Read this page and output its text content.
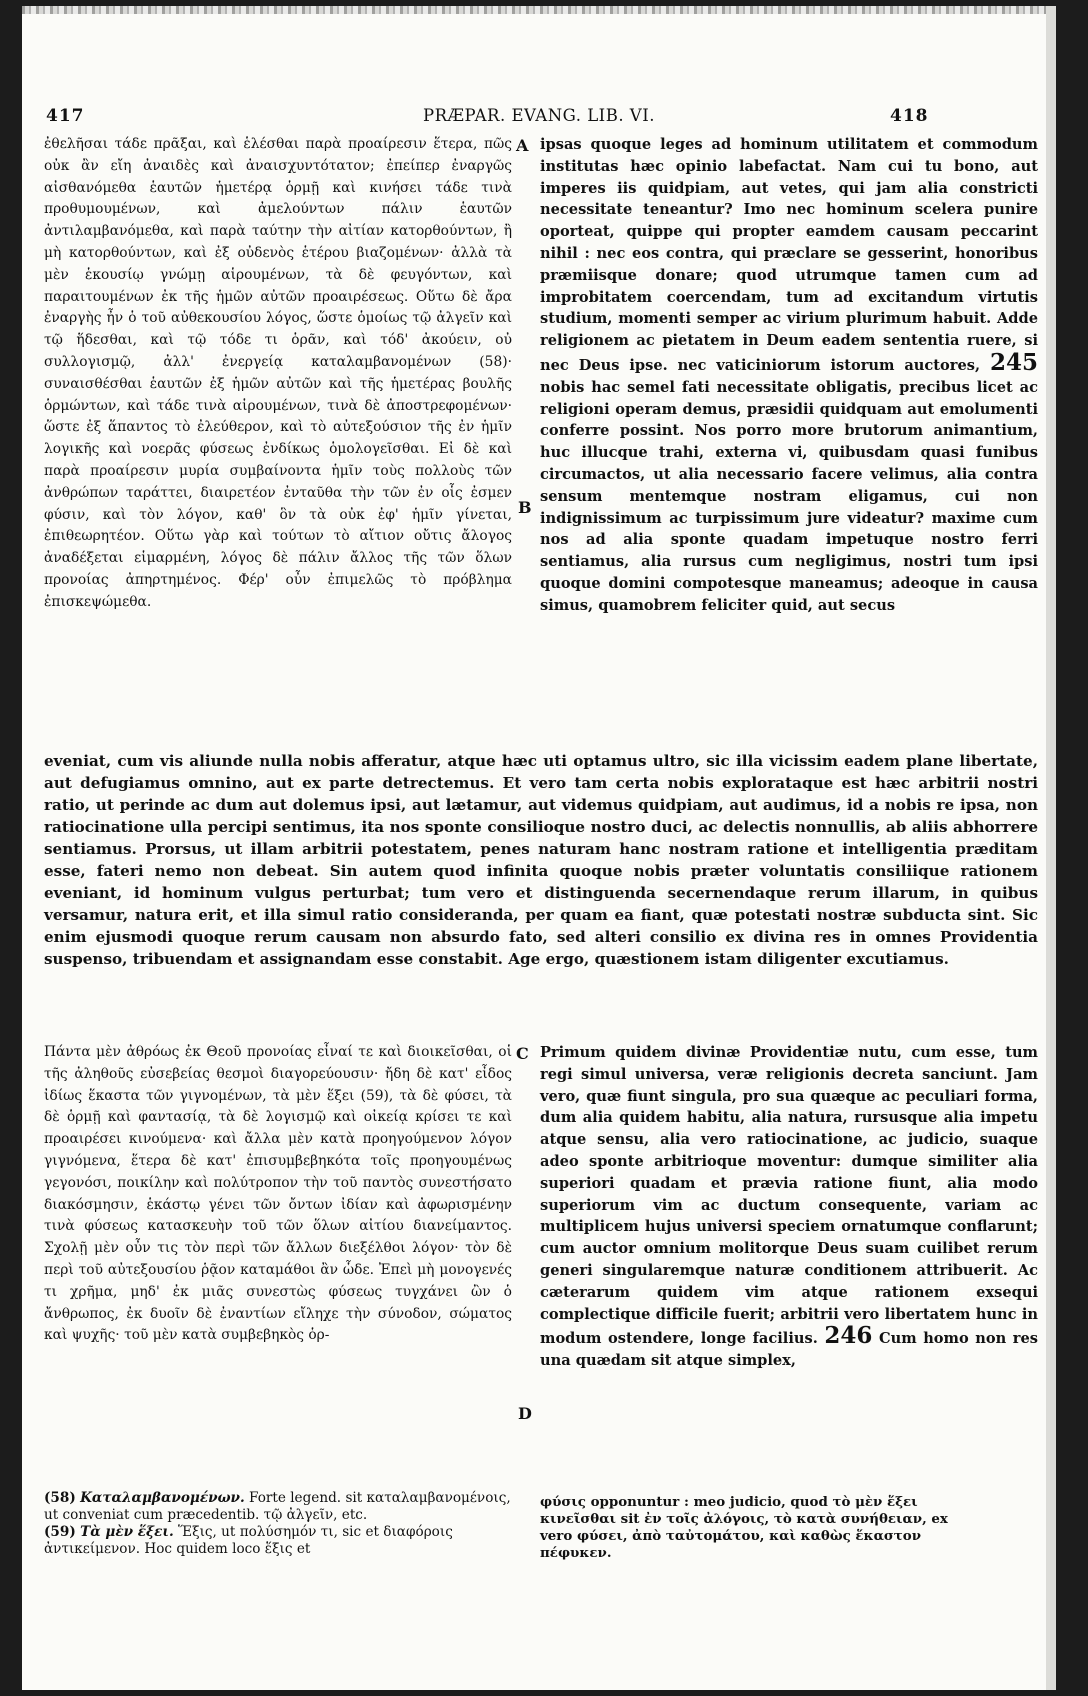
417	PRÆPAR. EVANG. LIB. VI.	418

ἐθελῆσαι τάδε πρᾶξαι, καὶ ἑλέσθαι παρὰ προαίρεσιν ἕτερα, πῶς οὐκ ἂν εἴη ἀναιδὲς καὶ ἀναισχυντότατον; ἐπείπερ ἐναργῶς αἰσθανόμεθα ἑαυτῶν ἡμετέρᾳ ὁρμῇ καὶ κινήσει τάδε τινὰ προθυμουμένων, καὶ ἀμελούντων πάλιν ἑαυτῶν ἀντιλαμβανόμεθα, καὶ παρὰ ταύτην τὴν αἰτίαν κατορθούντων, ἢ μὴ κατορθούντων, καὶ ἐξ οὐδενὸς ἑτέρου βιαζομένων· ἀλλὰ τὰ μὲν ἑκουσίῳ γνώμῃ αἱρουμένων, τὰ δὲ φευγόντων, καὶ παραιτουμένων ἐκ τῆς ἡμῶν αὐτῶν προαιρέσεως. Οὕτω δὲ ἄρα ἐναργὴς ἦν ὁ τοῦ αὐθεκουσίου λόγος, ὥστε ὁμοίως τῷ ἀλγεῖν καὶ τῷ ἥδεσθαι, καὶ τῷ τόδε τι ὁρᾶν, καὶ τόδ' ἀκούειν, οὐ συλλογισμῷ, ἀλλ' ἐνεργείᾳ καταλαμβανομένων (58)· συναισθέσθαι ἑαυτῶν ἐξ ἡμῶν αὐτῶν καὶ τῆς ἡμετέρας βουλῆς ὁρμώντων, καὶ τάδε τινὰ αἱρουμένων, τινὰ δὲ ἀποστρεφομένων· ὥστε ἐξ ἅπαντος τὸ ἐλεύθερον, καὶ τὸ αὐτεξούσιον τῆς ἐν ἡμῖν λογικῆς καὶ νοερᾶς φύσεως ἐνδίκως ὁμολογεῖσθαι. Εἰ δὲ καὶ παρὰ προαίρεσιν μυρία συμβαίνοντα ἡμῖν τοὺς πολλοὺς τῶν ἀνθρώπων ταράττει, διαιρετέον ἐνταῦθα τὴν τῶν ἐν οἷς ἐσμεν φύσιν, καὶ τὸν λόγον, καθ' ὃν τὰ οὐκ ἐφ' ἡμῖν γίνεται, ἐπιθεωρητέον. Οὕτω γὰρ καὶ τούτων τὸ αἴτιον οὔτις ἄλογος ἀναδέξεται εἱμαρμένη, λόγος δὲ πάλιν ἄλλος τῆς τῶν ὅλων προνοίας ἀπηρτημένος. Φέρ' οὖν ἐπιμελῶς τὸ πρόβλημα ἐπισκεψώμεθα.

A
B

ipsas quoque leges ad hominum utilitatem et commodum institutas hæc opinio labefactat. Nam cui tu bono, aut imperes iis quidpiam, aut vetes, qui jam alia constricti necessitate teneantur? Imo nec hominum scelera punire oporteat, quippe qui propter eamdem causam peccarint nihil : nec eos contra, qui præclare se gesserint, honoribus præmiisque donare; quod utrumque tamen cum ad improbitatem coercendam, tum ad excitandum virtutis studium, momenti semper ac virium plurimum habuit. Adde religionem ac pietatem in Deum eadem sententia ruere, si nec Deus ipse. nec vaticiniorum istorum auctores, 245 nobis hac semel fati necessitate obligatis, precibus licet ac religioni operam demus, præsidii quidquam aut emolumenti conferre possint. Nos porro more brutorum animantium, huc illucque trahi, externa vi, quibusdam quasi funibus circumactos, ut alia necessario facere velimus, alia contra sensum mentemque nostram eligamus, cui non indignissimum ac turpissimum jure videatur? maxime cum nos ad alia sponte quadam impetuque nostro ferri sentiamus, alia rursus cum negligimus, nostri tum ipsi quoque domini compotesque maneamus; adeoque in causa simus, quamobrem feliciter quid, aut secus

eveniat, cum vis aliunde nulla nobis afferatur, atque hæc uti optamus ultro, sic illa vicissim eadem plane libertate, aut defugiamus omnino, aut ex parte detrectemus. Et vero tam certa nobis exploratаque est hæc arbitrii nostri ratio, ut perinde ac dum aut dolemus ipsi, aut lætamur, aut videmus quidpiam, aut audimus, id a nobis re ipsa, non ratiocinatione ulla percipi sentimus, ita nos sponte consilioque nostro duci, ac delectis nonnullis, ab aliis abhorrere sentiamus. Prorsus, ut illam arbitrii potestatem, penes naturam hanc nostram ratione et intelligentia præditam esse, fateri nemo non debeat. Sin autem quod infinita quoque nobis præter voluntatis consiliique rationem eveniant, id hominum vulgus perturbat; tum vero et distinguenda secernendaque rerum illarum, in quibus versamur, natura erit, et illa simul ratio consideranda, per quam ea fiant, quæ potestati nostræ subducta sint. Sic enim ejusmodi quoque rerum causam non absurdo fato, sed alteri consilio ex divina res in omnes Providentia suspenso, tribuendam et assignandam esse constabit. Age ergo, quæstionem istam diligenter excutiamus.

Πάντα μὲν ἀθρόως ἐκ Θεοῦ προνοίας εἶναί τε καὶ διοικεῖσθαι, οἱ τῆς ἀληθοῦς εὐσεβείας θεσμοὶ διαγορεύουσιν· ἤδη δὲ κατ' εἶδος ἰδίως ἕκαστα τῶν γιγνομένων, τὰ μὲν ἕξει (59), τὰ δὲ φύσει, τὰ δὲ ὁρμῇ καὶ φαντασίᾳ, τὰ δὲ λογισμῷ καὶ οἰκείᾳ κρίσει τε καὶ προαιρέσει κινούμενα· καὶ ἄλλα μὲν κατὰ προηγούμενον λόγον γιγνόμενα, ἕτερα δὲ κατ' ἐπισυμβεβηκότα τοῖς προηγουμένως γεγονόσι, ποικίλην καὶ πολύτροπον τὴν τοῦ παντὸς συνεστήσατο διακόσμησιν, ἑκάστῳ γένει τῶν ὄντων ἰδίαν καὶ ἀφωρισμένην τινὰ φύσεως κατασκευὴν τοῦ τῶν ὅλων αἰτίου διανείμαντος. Σχολῇ μὲν οὖν τις τὸν περὶ τῶν ἄλλων διεξέλθοι λόγον· τὸν δὲ περὶ τοῦ αὐτεξουσίου ῥᾷον καταμάθοι ἂν ὧδε. Ἐπεὶ μὴ μονογενές τι χρῆμα, μηδ' ἐκ μιᾶς συνεστὼς φύσεως τυγχάνει ὢν ὁ ἄνθρωπος, ἐκ δυοῖν δὲ ἐναντίων εἴληχε τὴν σύνοδον, σώματος καὶ ψυχῆς· τοῦ μὲν κατὰ συμβεβηκὸς ὁρ-

C
D

Primum quidem divinæ Providentiæ nutu, cum esse, tum regi simul universa, veræ religionis decreta sanciunt. Jam vero, quæ fiunt singula, pro sua quæque ac peculiari forma, dum alia quidem habitu, alia natura, rursusque alia impetu atque sensu, alia vero ratiocinatione, ac judicio, suaque adeo sponte arbitrioque moventur: dumque similiter alia superiori quadam et prævia ratione fiunt, alia modo superiorum vim ac ductum consequente, variam ac multiplicem hujus universi speciem ornatumque conflarunt; cum auctor omnium molitorque Deus suam cuilibet rerum generi singularemque naturæ conditionem attribuerit. Ac cæterarum quidem vim atque rationem exsequi complectique difficile fuerit; arbitrii vero libertatem hunc in modum ostendere, longe facilius. 246 Cum homo non res una quædam sit atque simplex,

(58) Καταλαμβανομένων. Forte legend. sit καταλαμβανομένοις, ut conveniat cum præcedentib. τῷ ἀλγεῖν, etc.

(59) Τὰ μὲν ἕξει. Ἕξις, ut πολύσημόν τι, sic et διαφόροις ἀντικείμενον. Hoc quidem loco ἕξις et

φύσις opponuntur : meo judicio, quod τὸ μὲν ἕξει κινεῖσθαι sit ἐν τοῖς ἀλόγοις, τὸ κατὰ συνήθειαν, ex vero φύσει, ἀπὸ ταὐτομάτου, καὶ καθὼς ἕκαστον πέφυκεν.
